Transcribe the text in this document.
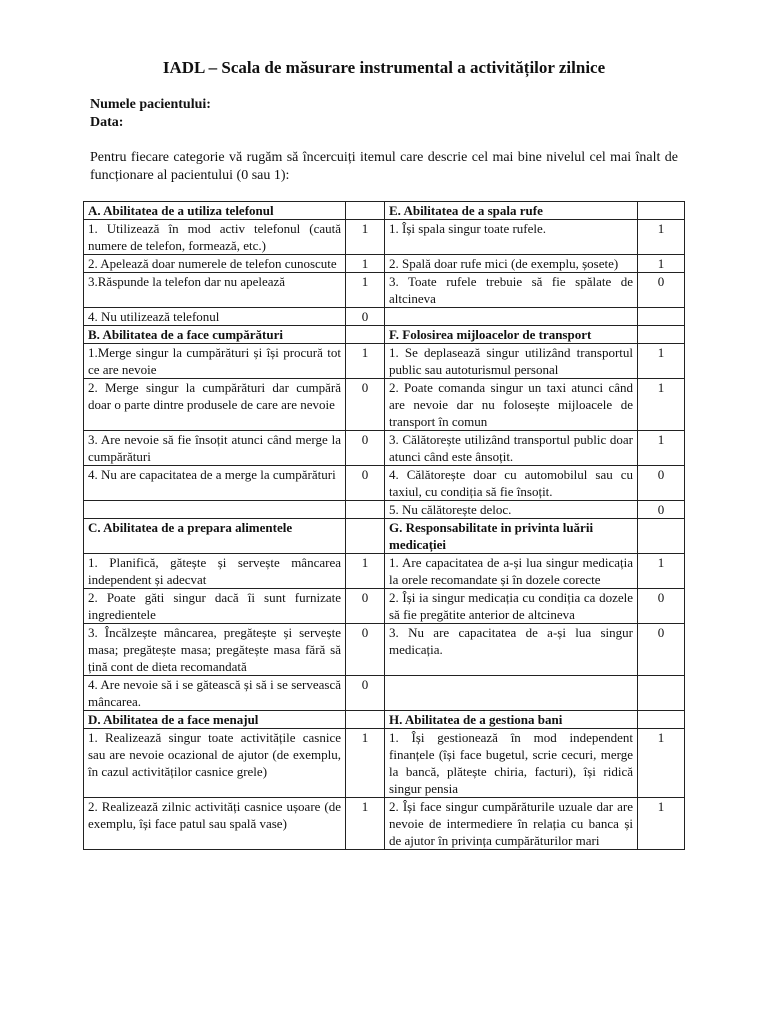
IADL – Scala de măsurare instrumental a activităților zilnice
Numele pacientului:
Data:
Pentru fiecare categorie vă rugăm să încercuiți itemul care descrie cel mai bine nivelul cel mai înalt de funcționare al pacientului (0 sau 1):
A. Abilitatea de a utiliza telefonul		E. Abilitatea de a spala rufe	
1. Utilizează în mod activ telefonul (caută numere de telefon, formează, etc.)	1	1. Își spala singur toate rufele.	1
2. Apelează doar numerele de telefon cunoscute	1	2. Spală doar rufe mici (de exemplu, șosete)	1
3.Răspunde la telefon dar nu apelează	1	3. Toate rufele trebuie să fie spălate de altcineva	0
4. Nu utilizează telefonul	0		
B. Abilitatea de a face cumpărături		F. Folosirea mijloacelor de transport	
1.Merge singur la cumpărături și își procură tot ce are nevoie	1	1. Se deplasează singur utilizând transportul public sau autoturismul personal	1
2. Merge singur la cumpărături dar cumpără doar o parte dintre produsele de care are nevoie	0	2. Poate comanda singur un taxi atunci când are nevoie dar nu folosește mijloacele de transport în comun	1
3. Are nevoie să fie însoțit atunci când merge la cumpărături	0	3. Călătorește utilizând transportul public doar atunci când este ânsoțit.	1
4. Nu are capacitatea de a merge la cumpărături	0	4. Călătorește doar cu automobilul sau cu taxiul, cu condiția să fie însoțit.	0
		5. Nu călătorește deloc.	0
C. Abilitatea de a prepara alimentele		G. Responsabilitate in privinta luării medicației	
1. Planifică, gătește și servește mâncarea independent și adecvat	1	1. Are capacitatea de a-și lua singur medicația la orele recomandate și în dozele corecte	1
2. Poate găti singur dacă îi sunt furnizate ingredientele	0	2. Își ia singur medicația cu condiția ca dozele să fie pregătite anterior de altcineva	0
3. Încălzește mâncarea, pregătește și servește masa; pregătește masa; pregătește masa fără să țină cont de dieta recomandată	0	3. Nu are capacitatea de a-și lua singur medicația.	0
4. Are nevoie să i se gătească și să i se servească mâncarea.	0		
D. Abilitatea de a face menajul		H. Abilitatea de a gestiona bani	
1. Realizează singur toate activitățile casnice sau are nevoie ocazional de ajutor (de exemplu, în cazul activităților casnice grele)	1	1. Își gestionează în mod independent finanțele (își face bugetul, scrie cecuri, merge la bancă, plătește chiria, facturi), își ridică singur pensia	1
2. Realizează zilnic activități casnice ușoare (de exemplu, își face patul sau spală vase)	1	2. Își face singur cumpărăturile uzuale dar are nevoie de intermediere în relația cu banca și de ajutor în privința cumpărăturilor mari	1
